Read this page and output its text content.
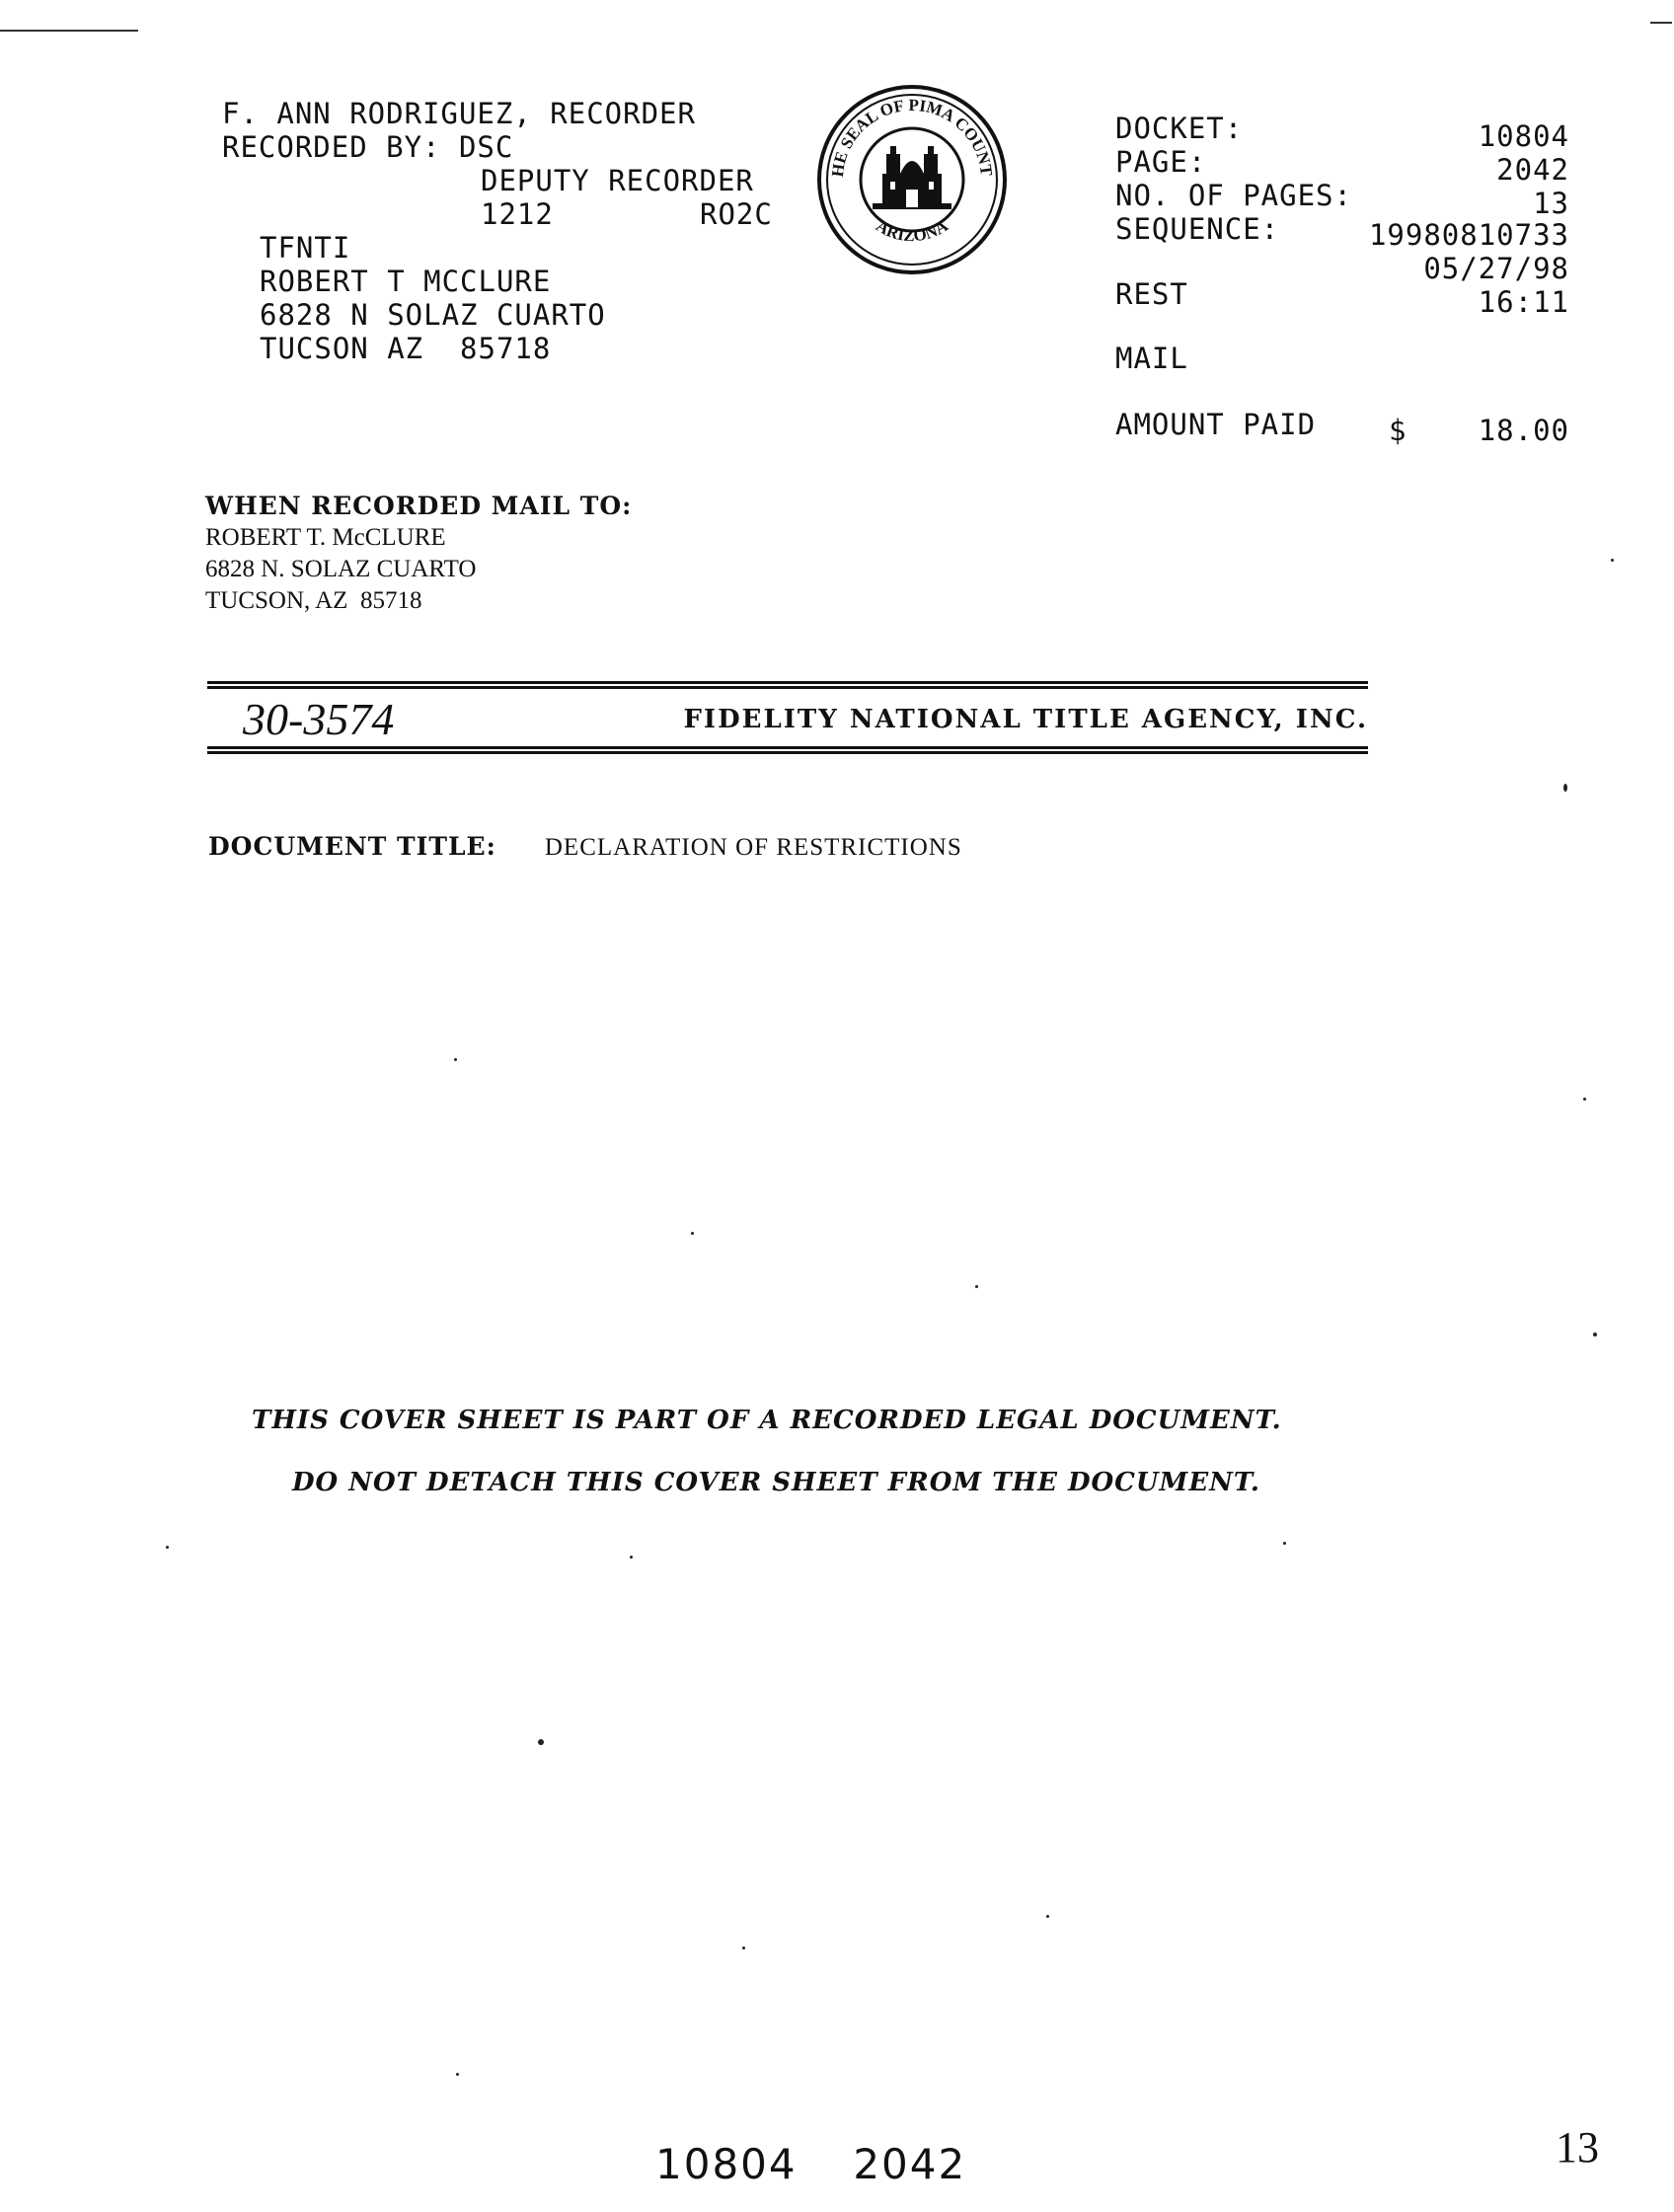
F. ANN RODRIGUEZ, RECORDER
RECORDED BY: DSC
DEPUTY RECORDER
1212	RO2C
TFNTI
ROBERT T MCCLURE
6828 N SOLAZ CUARTO
TUCSON AZ  85718
HE SEAL OF PIMA COUNT
ARIZONA
DOCKET:	10804
PAGE:	2042
NO. OF PAGES:	13
SEQUENCE:	19980810733
05/27/98
REST	16:11
MAIL
AMOUNT PAID	$ 18.00
WHEN RECORDED MAIL TO:
ROBERT T. McCLURE
6828 N. SOLAZ CUARTO
TUCSON, AZ  85718
30-3574	FIDELITY NATIONAL TITLE AGENCY, INC.
DOCUMENT TITLE: DECLARATION OF RESTRICTIONS
THIS COVER SHEET IS PART OF A RECORDED LEGAL DOCUMENT.
DO NOT DETACH THIS COVER SHEET FROM THE DOCUMENT.
10804 2042	13
